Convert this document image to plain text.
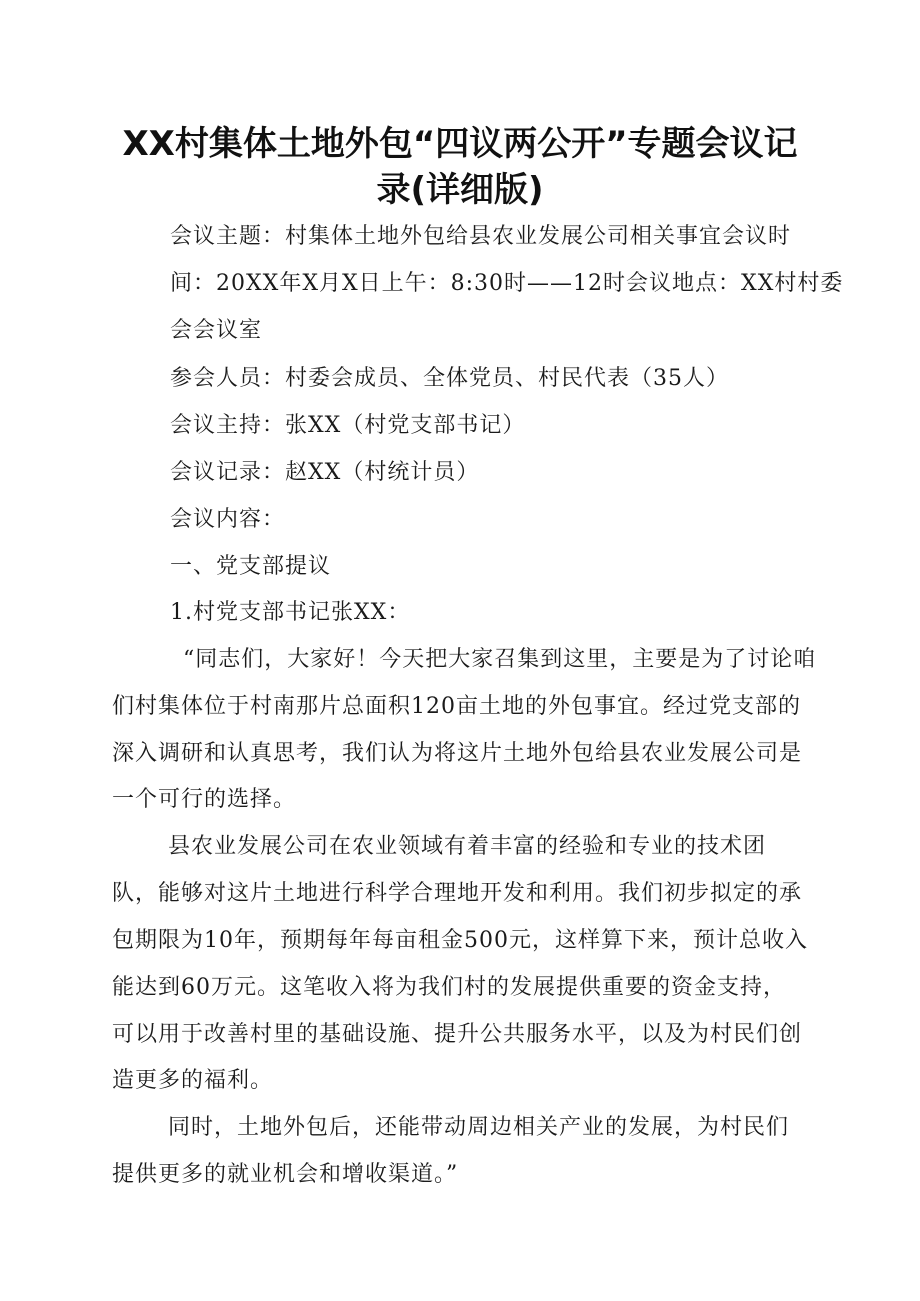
XX村集体土地外包“四议两公开”专题会议记
录(详细版)
会议主题：村集体土地外包给县农业发展公司相关事宜会议时
间：20XX年X月X日上午：8:30时——12时会议地点：XX村村委
会会议室
参会人员：村委会成员、全体党员、村民代表（35人）
会议主持：张XX（村党支部书记）
会议记录：赵XX（村统计员）
会议内容：
一、党支部提议
1.村党支部书记张XX：
“同志们，大家好！今天把大家召集到这里，主要是为了讨论咱
们村集体位于村南那片总面积120亩土地的外包事宜。经过党支部的
深入调研和认真思考，我们认为将这片土地外包给县农业发展公司是
一个可行的选择。
县农业发展公司在农业领域有着丰富的经验和专业的技术团
队，能够对这片土地进行科学合理地开发和利用。我们初步拟定的承
包期限为10年，预期每年每亩租金500元，这样算下来，预计总收入
能达到60万元。这笔收入将为我们村的发展提供重要的资金支持，
可以用于改善村里的基础设施、提升公共服务水平，以及为村民们创
造更多的福利。
同时，土地外包后，还能带动周边相关产业的发展，为村民们
提供更多的就业机会和增收渠道。”
